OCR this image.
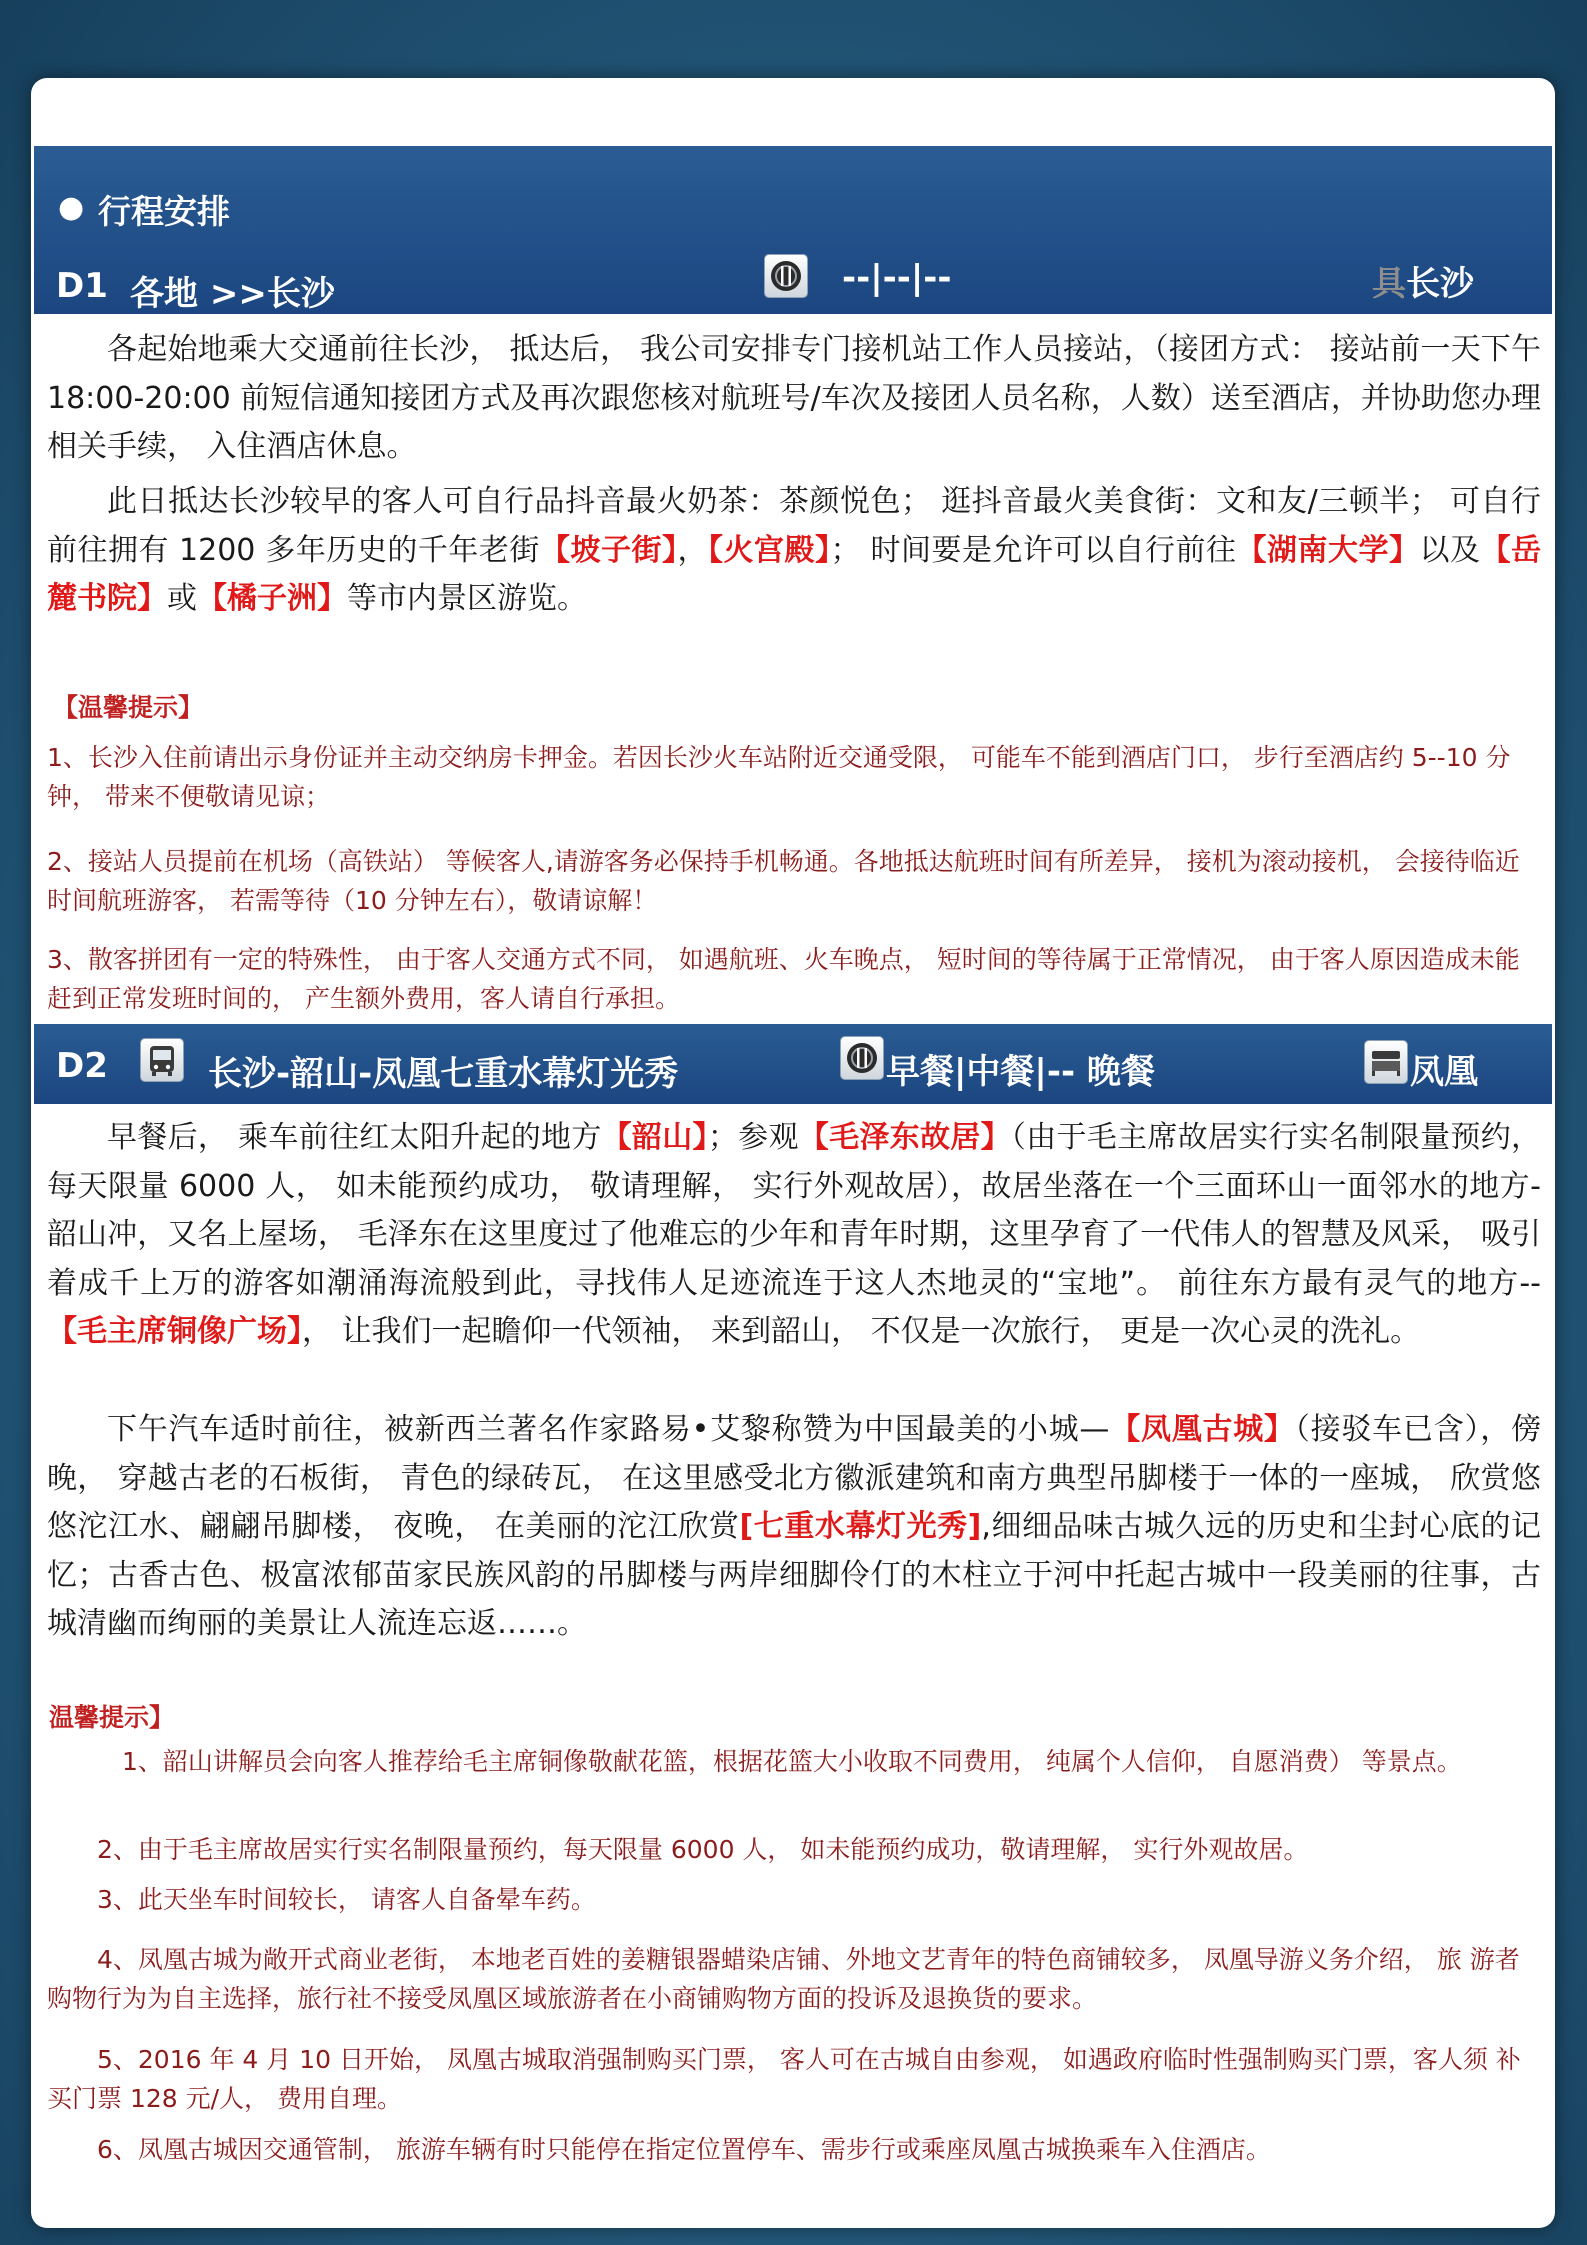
● 行程安排
D1 各地 >>长沙	--|--|--	具 长沙
各起始地乘大交通前往长沙， 抵达后， 我公司安排专门接机站工作人员接站，（接团方式： 接站前一天下午 18:00-20:00 前短信通知接团方式及再次跟您核对航班号/车次及接团人员名称，人数）送至酒店，并协助您办理相关手续， 入住酒店休息。
此日抵达长沙较早的客人可自行品抖音最火奶茶：茶颜悦色； 逛抖音最火美食街：文和友/三顿半； 可自行前往拥有 1200 多年历史的千年老街【坡子街】，【火宫殿】； 时间要是允许可以自行前往【湖南大学】以及【岳麓书院】或【橘子洲】等市内景区游览。
【温馨提示】
1、长沙入住前请出示身份证并主动交纳房卡押金。若因长沙火车站附近交通受限， 可能车不能到酒店门口， 步行至酒店约 5--10 分钟， 带来不便敬请见谅；
2、接站人员提前在机场（高铁站） 等候客人,请游客务必保持手机畅通。各地抵达航班时间有所差异， 接机为滚动接机， 会接待临近时间航班游客， 若需等待（10 分钟左右），敬请谅解！
3、散客拼团有一定的特殊性， 由于客人交通方式不同， 如遇航班、火车晚点， 短时间的等待属于正常情况， 由于客人原因造成未能赶到正常发班时间的， 产生额外费用，客人请自行承担。
D2	长沙-韶山-凤凰七重水幕灯光秀	早餐|中餐|-- 晚餐	凤凰
早餐后， 乘车前往红太阳升起的地方【韶山】；参观【毛泽东故居】（由于毛主席故居实行实名制限量预约， 每天限量 6000 人， 如未能预约成功， 敬请理解， 实行外观故居），故居坐落在一个三面环山一面邻水的地方-韶山冲，又名上屋场， 毛泽东在这里度过了他难忘的少年和青年时期，这里孕育了一代伟人的智慧及风采， 吸引着成千上万的游客如潮涌海流般到此，寻找伟人足迹流连于这人杰地灵的“宝地”。 前往东方最有灵气的地方--【毛主席铜像广场】， 让我们一起瞻仰一代领袖， 来到韶山， 不仅是一次旅行， 更是一次心灵的洗礼。
下午汽车适时前往，被新西兰著名作家路易•艾黎称赞为中国最美的小城—【凤凰古城】（接驳车已含），傍晚， 穿越古老的石板街， 青色的绿砖瓦， 在这里感受北方徽派建筑和南方典型吊脚楼于一体的一座城， 欣赏悠悠沱江水、翩翩吊脚楼， 夜晚， 在美丽的沱江欣赏[七重水幕灯光秀],细细品味古城久远的历史和尘封心底的记忆；古香古色、极富浓郁苗家民族风韵的吊脚楼与两岸细脚伶仃的木柱立于河中托起古城中一段美丽的往事，古城清幽而绚丽的美景让人流连忘返……。
温馨提示】
1、韶山讲解员会向客人推荐给毛主席铜像敬献花篮，根据花篮大小收取不同费用， 纯属个人信仰， 自愿消费） 等景点。
2、由于毛主席故居实行实名制限量预约，每天限量 6000 人， 如未能预约成功，敬请理解， 实行外观故居。
3、此天坐车时间较长， 请客人自备晕车药。
4、凤凰古城为敞开式商业老街， 本地老百姓的姜糖银器蜡染店铺、外地文艺青年的特色商铺较多， 凤凰导游义务介绍， 旅 游者购物行为为自主选择，旅行社不接受凤凰区域旅游者在小商铺购物方面的投诉及退换货的要求。
5、2016 年 4 月 10 日开始， 凤凰古城取消强制购买门票， 客人可在古城自由参观， 如遇政府临时性强制购买门票，客人须 补买门票 128 元/人， 费用自理。
6、凤凰古城因交通管制， 旅游车辆有时只能停在指定位置停车、需步行或乘座凤凰古城换乘车入住酒店。
